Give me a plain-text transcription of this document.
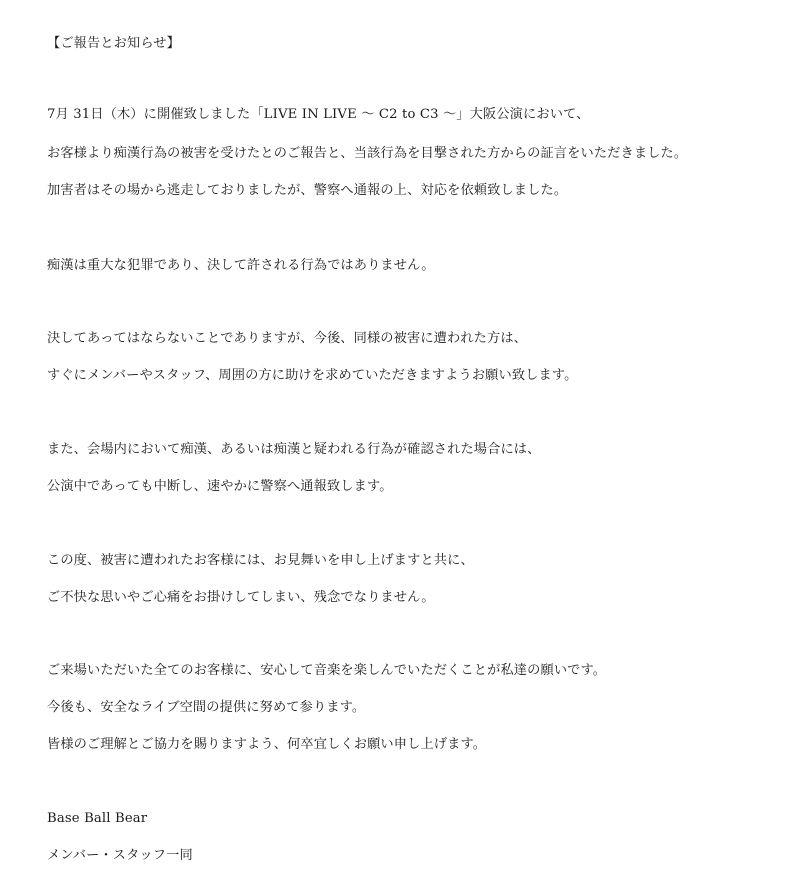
【ご報告とお知らせ】
7月 31日（木）に開催致しました「LIVE IN LIVE ～ C2 to C3 ～」大阪公演において、
お客様より痴漢行為の被害を受けたとのご報告と、当該行為を目撃された方からの証言をいただきました。
加害者はその場から逃走しておりましたが、警察へ通報の上、対応を依頼致しました。
痴漢は重大な犯罪であり、決して許される行為ではありません。
決してあってはならないことでありますが、今後、同様の被害に遭われた方は、
すぐにメンバーやスタッフ、周囲の方に助けを求めていただきますようお願い致します。
また、会場内において痴漢、あるいは痴漢と疑われる行為が確認された場合には、
公演中であっても中断し、速やかに警察へ通報致します。
この度、被害に遭われたお客様には、お見舞いを申し上げますと共に、
ご不快な思いやご心痛をお掛けしてしまい、残念でなりません。
ご来場いただいた全てのお客様に、安心して音楽を楽しんでいただくことが私達の願いです。
今後も、安全なライブ空間の提供に努めて参ります。
皆様のご理解とご協力を賜りますよう、何卒宜しくお願い申し上げます。
Base Ball Bear
メンバー・スタッフ一同
